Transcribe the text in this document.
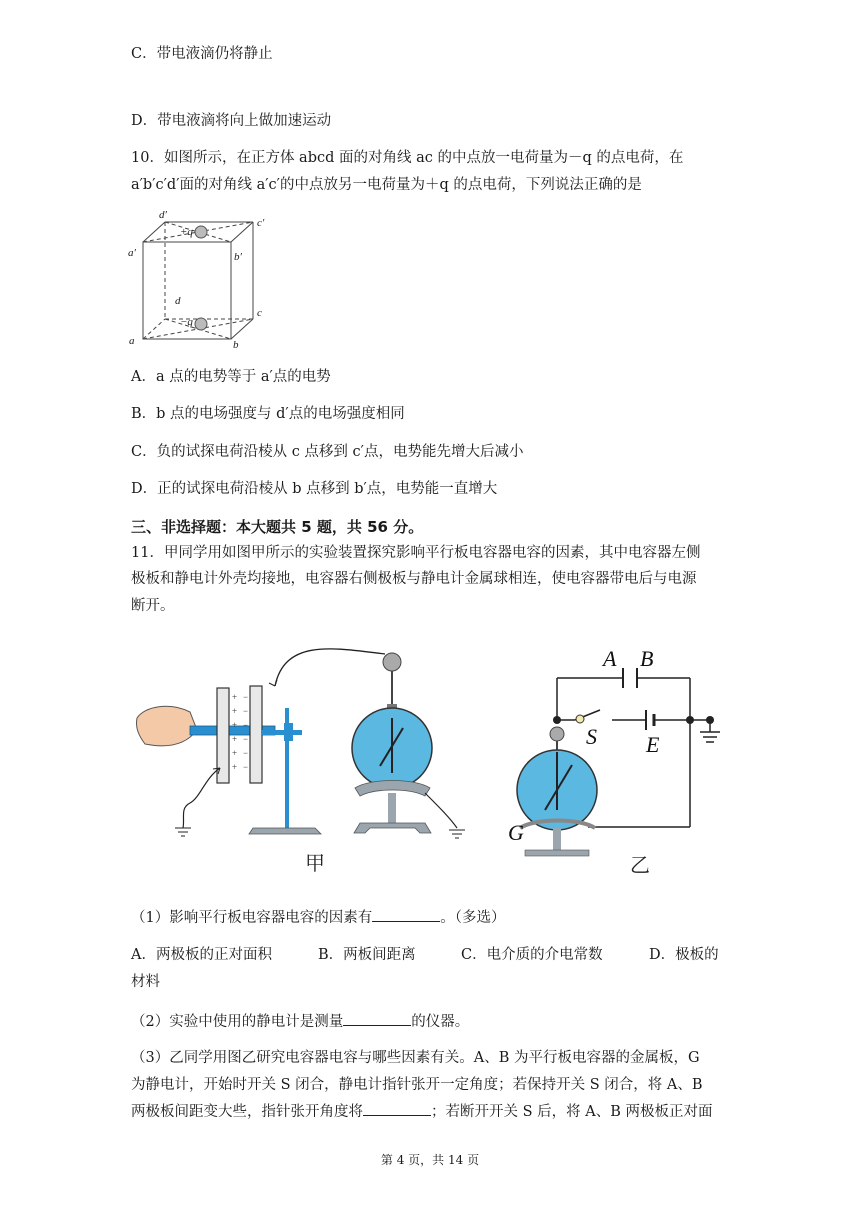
C．带电液滴仍将静止
D．带电液滴将向上做加速运动
10．如图所示，在正方体 abcd 面的对角线 ac 的中点放一电荷量为－q 的点电荷，在
a′b′c′d′面的对角线 a′c′的中点放另一电荷量为＋q 的点电荷，下列说法正确的是
d′
c′
a′	b′
d
c
a	b
+q
−q
A．a 点的电势等于 a′点的电势
B．b 点的电场强度与 d′点的电场强度相同
C．负的试探电荷沿棱从 c 点移到 c′点，电势能先增大后减小
D．正的试探电荷沿棱从 b 点移到 b′点，电势能一直增大
三、非选择题：本大题共 5 题，共 56 分。
11．甲同学用如图甲所示的实验装置探究影响平行板电容器电容的因素，其中电容器左侧
极板和静电计外壳均接地，电容器右侧极板与静电计金属球相连，使电容器带电后与电源
断开。
+
+
+
+
+
+
−
−
−
−
−
−
甲
A B
S E
G
乙
（1）影响平行板电容器电容的因素有	。（多选）
A．两极板的正对面积	B．两板间距离	C．电介质的介电常数	D．极板的
材料
（2）实验中使用的静电计是测量	的仪器。
（3）乙同学用图乙研究电容器电容与哪些因素有关。A、B 为平行板电容器的金属板，G
为静电计，开始时开关 S 闭合，静电计指针张开一定角度；若保持开关 S 闭合，将 A、B
两极板间距变大些，指针张开角度将	；若断开开关 S 后，将 A、B 两极板正对面
第 4 页，共 14 页
